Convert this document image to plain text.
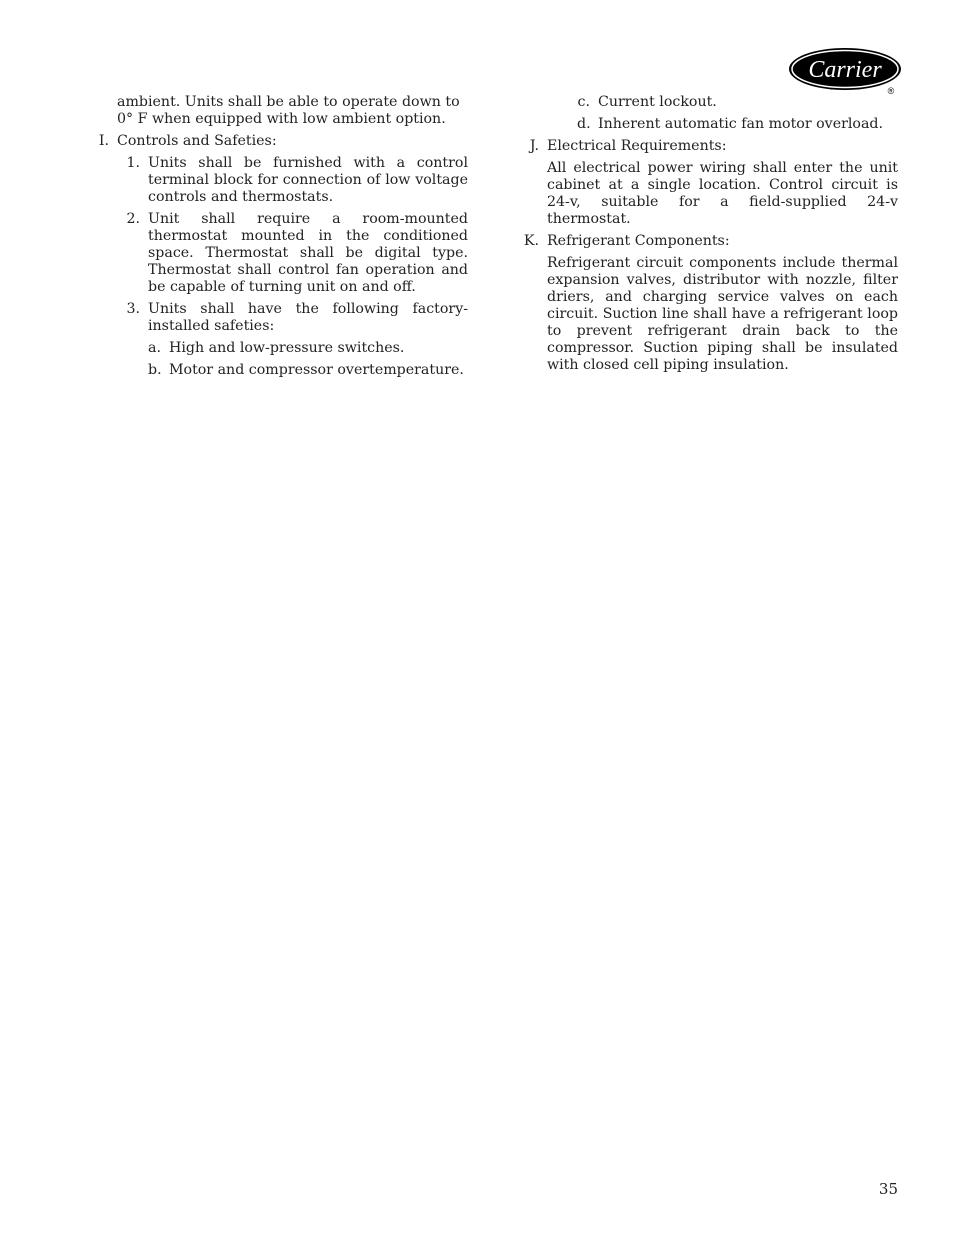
Carrier
®
ambient. Units shall be able to operate down to 0° F when equipped with low ambient option.
I. Controls and Safeties:
1. Units shall be furnished with a control terminal block for connection of low voltage controls and thermostats.
2. Unit shall require a room-mounted thermostat mounted in the conditioned space. Thermostat shall be digital type. Thermostat shall control fan operation and be capable of turning unit on and off.
3. Units shall have the following factory-installed safeties:
a. High and low-pressure switches.
b. Motor and compressor overtemperature.
c. Current lockout.
d. Inherent automatic fan motor overload.
J. Electrical Requirements:
All electrical power wiring shall enter the unit cabinet at a single location. Control circuit is 24-v, suitable for a field-supplied 24-v thermostat.
K. Refrigerant Components:
Refrigerant circuit components include thermal expansion valves, distributor with nozzle, filter driers, and charging service valves on each circuit. Suction line shall have a refrigerant loop to prevent refrigerant drain back to the compressor. Suction piping shall be insulated with closed cell piping insulation.
35
